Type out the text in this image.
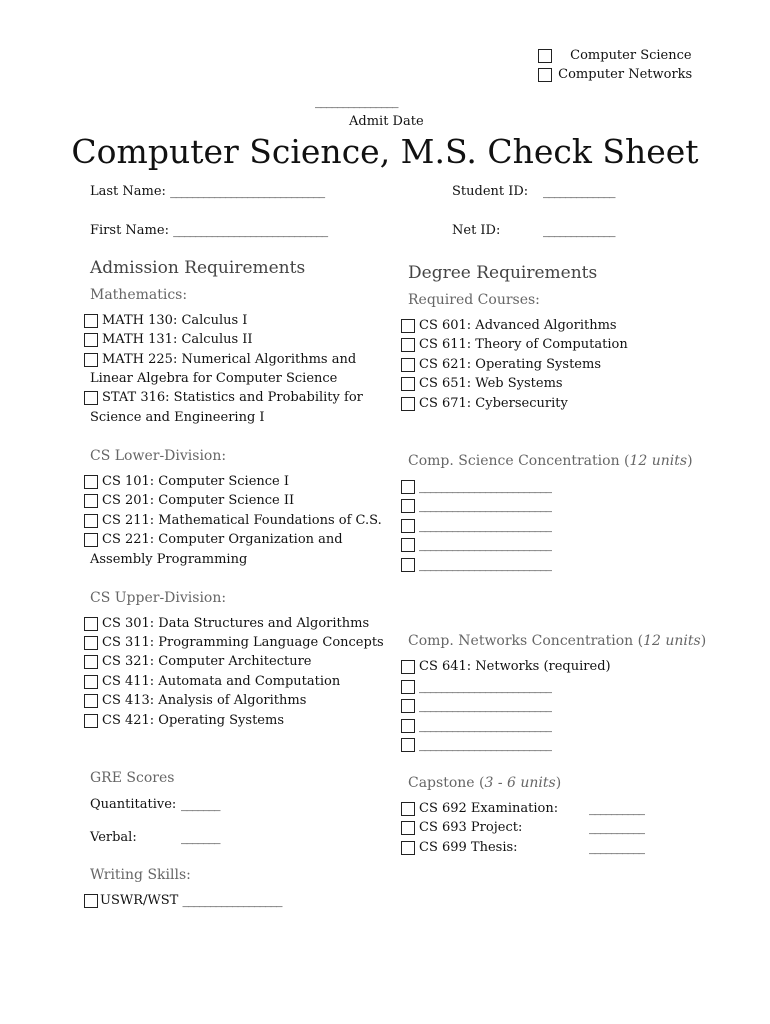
Computer Science
Computer Networks
_______________
Admit Date
Computer Science, M.S. Check Sheet
Last Name: ____________________________
First Name: ____________________________
Student ID: _____________
Net ID:	_____________
Admission Requirements
Mathematics:
MATH 130: Calculus I
MATH 131: Calculus II
MATH 225: Numerical Algorithms and
Linear Algebra for Computer Science
STAT 316: Statistics and Probability for
Science and Engineering I
CS Lower-Division:
CS 101: Computer Science I
CS 201: Computer Science II
CS 211: Mathematical Foundations of C.S.
CS 221: Computer Organization and
Assembly Programming
CS Upper-Division:
CS 301: Data Structures and Algorithms
CS 311: Programming Language Concepts
CS 321: Computer Architecture
CS 411: Automata and Computation
CS 413: Analysis of Algorithms
CS 421: Operating Systems
GRE Scores
Quantitative: _______
Verbal:	_______
Writing Skills:
USWR/WST __________________
Degree Requirements
Required Courses:
CS 601: Advanced Algorithms
CS 611: Theory of Computation
CS 621: Operating Systems
CS 651: Web Systems
CS 671: Cybersecurity
Comp. Science Concentration (12 units)
________________________
________________________
________________________
________________________
________________________
Comp. Networks Concentration (12 units)
CS 641: Networks (required)
________________________
________________________
________________________
________________________
Capstone (3 - 6 units)
CS 692 Examination: __________
CS 693 Project:	__________
CS 699 Thesis:	__________
